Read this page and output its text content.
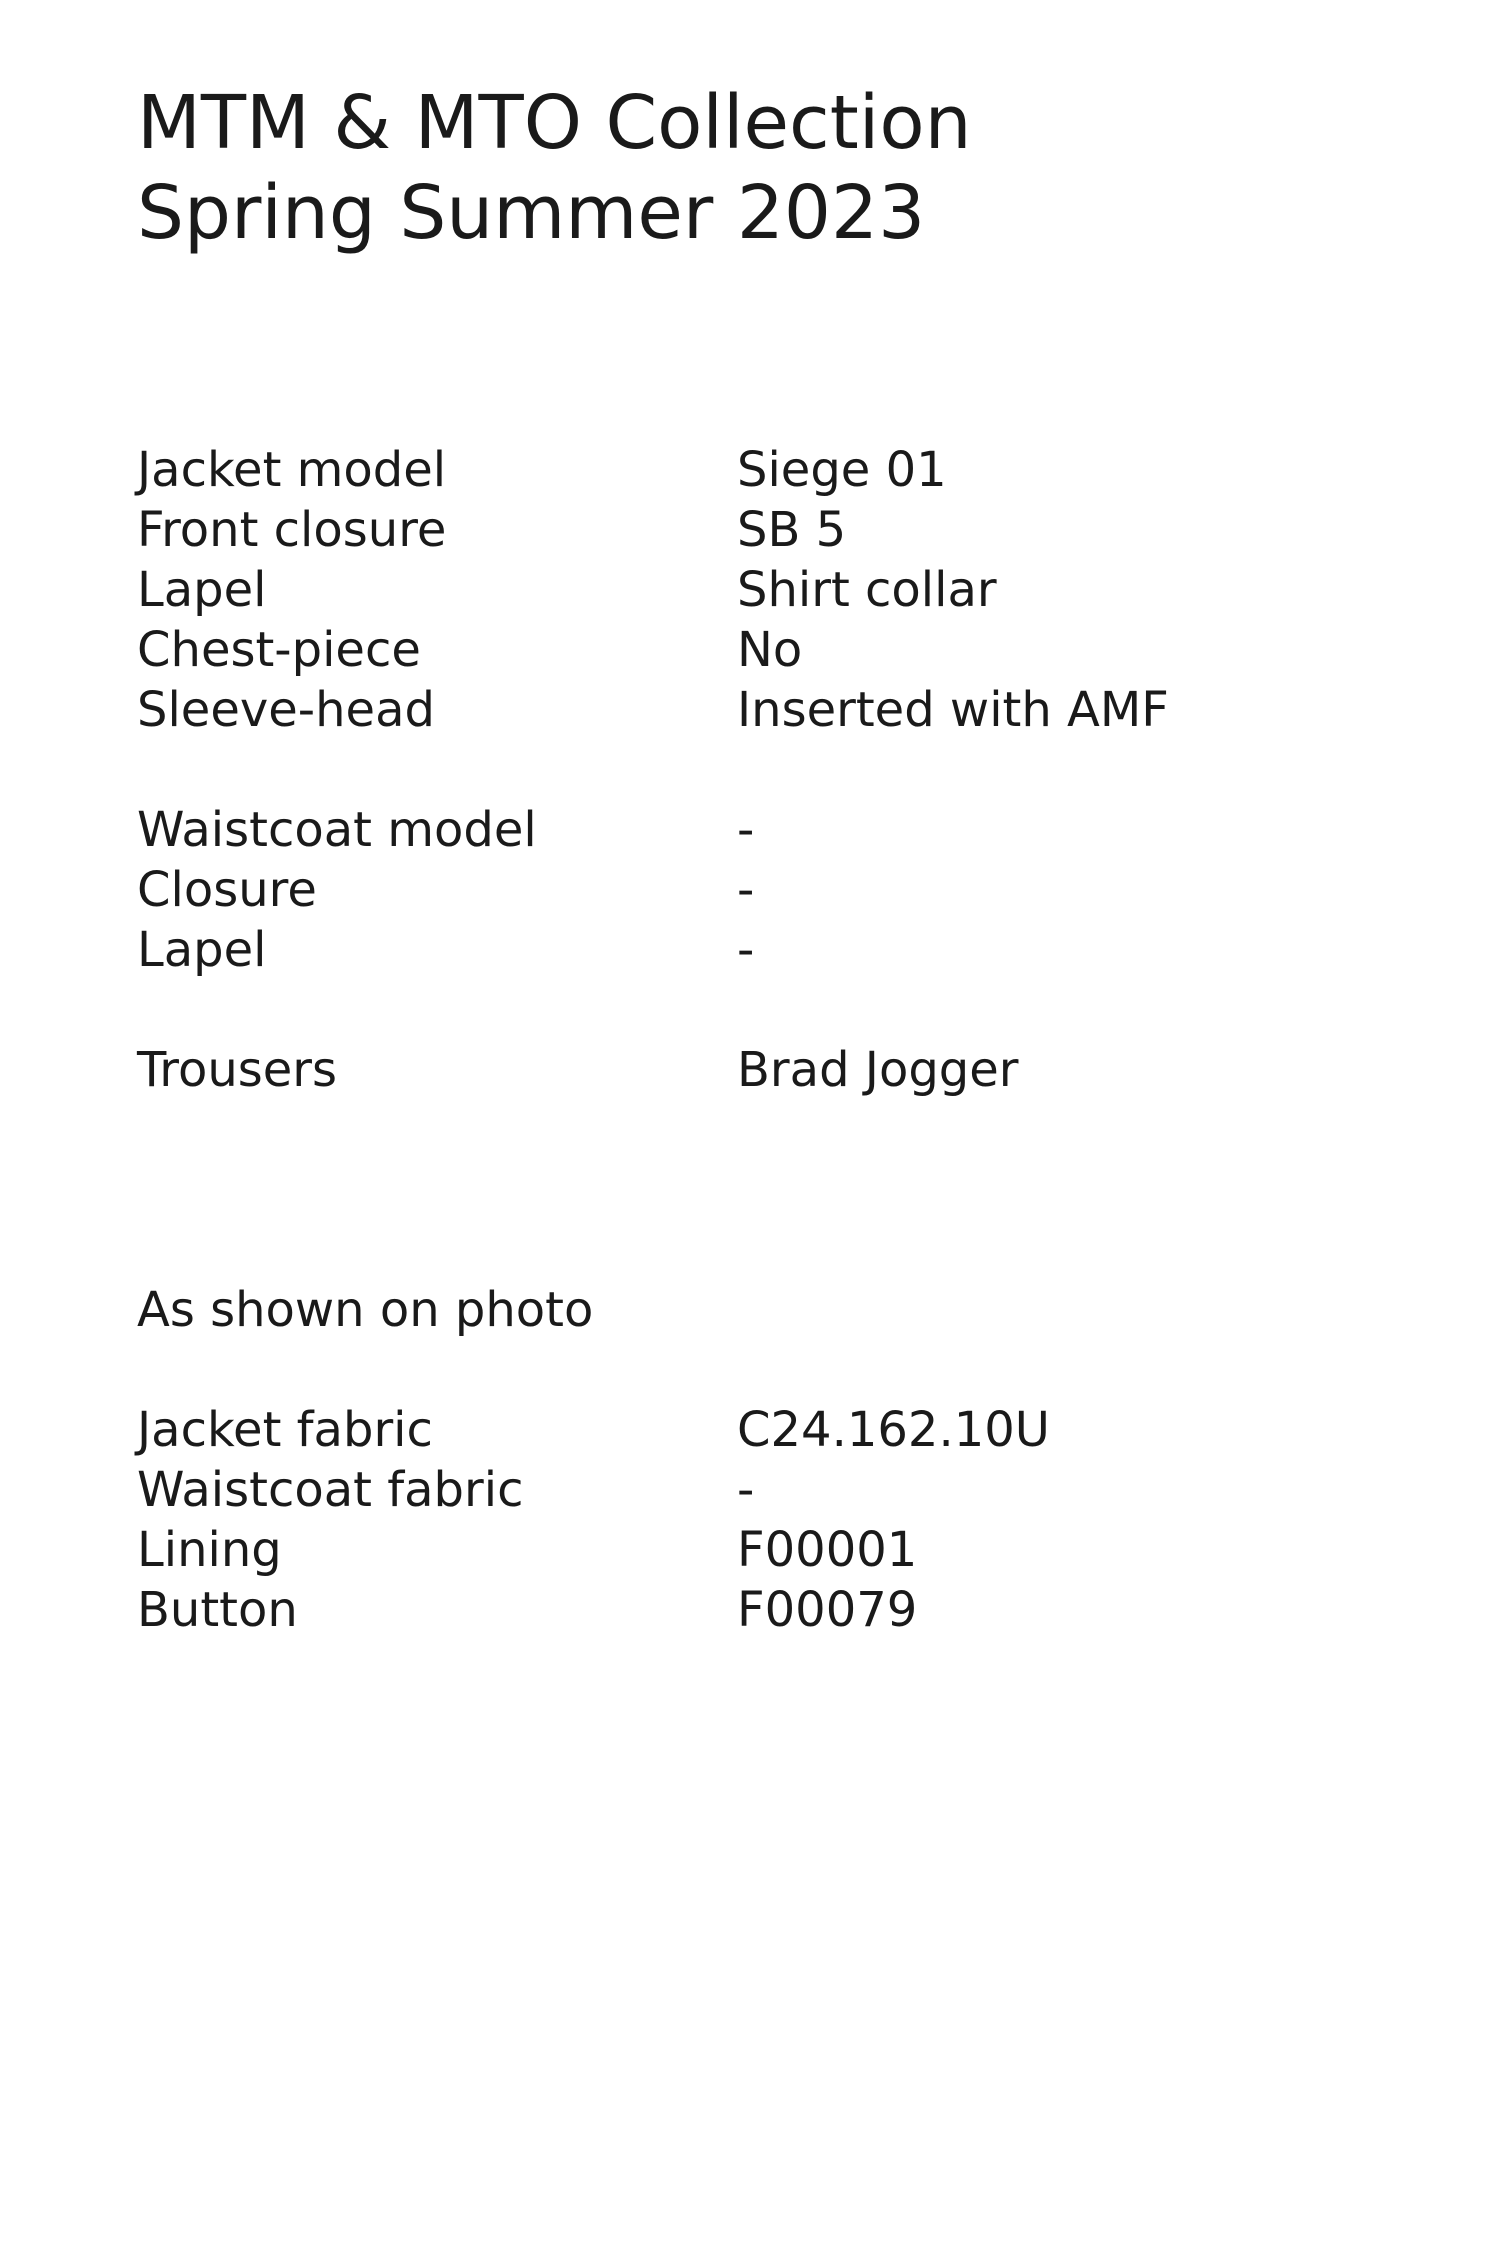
MTM & MTO Collection
Spring Summer 2023
Jacket model	Siege 01
Front closure	SB 5
Lapel	Shirt collar
Chest-piece	No
Sleeve-head	Inserted with AMF
Waistcoat model	-
Closure	-
Lapel	-
Trousers	Brad Jogger
As shown on photo
Jacket fabric	C24.162.10U
Waistcoat fabric	-
Lining	F00001
Button	F00079
